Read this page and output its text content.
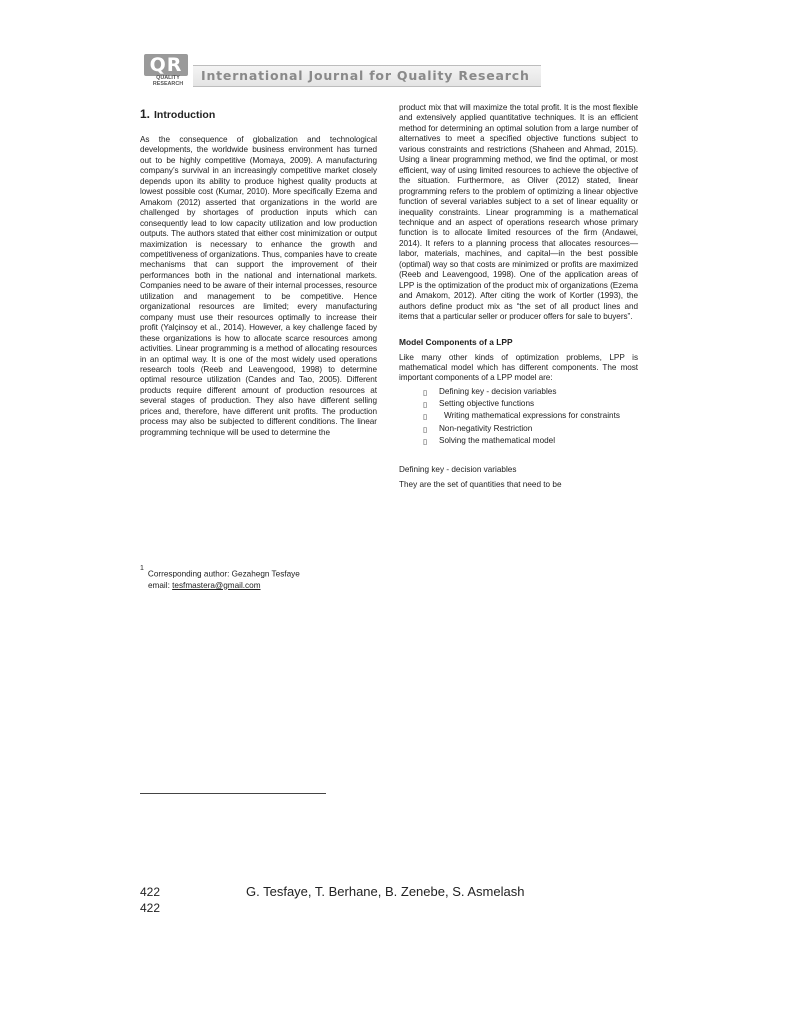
QR
QUALITY
RESEARCH
International Journal for Quality Research
1. Introduction

As the consequence of globalization and technological developments, the worldwide business environment has turned out to be highly competitive (Momaya, 2009). A manufacturing company’s survival in an increasingly competitive market closely depends upon its ability to produce highest quality products at lowest possible cost (Kumar, 2010). More specifically Ezema and Amakom (2012) asserted that organizations in the world are challenged by shortages of production inputs which can consequently lead to low capacity utilization and low production outputs. The authors stated that either cost minimization or output maximization is necessary to enhance the growth and competitiveness of organizations. Thus, companies have to create mechanisms that can support the improvement of their performances both in the national and international markets. Companies need to be aware of their internal processes, resource utilization and management to be competitive. Hence organizational resources are limited; every manufacturing company must use their resources optimally to increase their profit (Yalçinsoy et al., 2014). However, a key challenge faced by these organizations is how to allocate scarce resources among activities. Linear programming is a method of allocating resources in an optimal way. It is one of the most widely used operations research tools (Reeb and Leavengood, 1998) to determine optimal resource utilization (Candes and Tao, 2005). Different products require different amount of production resources at several stages of production. They also have different selling prices and, therefore, have different unit profits. The production process may also be subjected to different conditions. The linear programming technique will be used to determine the

product mix that will maximize the total profit. It is the most flexible and extensively applied quantitative techniques. It is an efficient method for determining an optimal solution from a large number of alternatives to meet a specified objective functions subject to various constraints and restrictions (Shaheen and Ahmad, 2015). Using a linear programming method, we find the optimal, or most efficient, way of using limited resources to achieve the objective of the situation. Furthermore, as Oliver (2012) stated, linear programming refers to the problem of optimizing a linear objective function of several variables subject to a set of linear equality or inequality constraints. Linear programming is a mathematical technique and an aspect of operations research whose primary function is to allocate limited resources of the firm (Andawei, 2014). It refers to a planning process that allocates resources—labor, materials, machines, and capital—in the best possible (optimal) way so that costs are minimized or profits are maximized (Reeb and Leavengood, 1998). One of the application areas of LPP is the optimization of the product mix of organizations (Ezema and Amakom, 2012). After citing the work of Kortler (1993), the authors define product mix as “the set of all product lines and items that a particular seller or producer offers for sale to buyers”.

Model Components of a LPP

Like many other kinds of optimization problems, LPP is mathematical model which has different components. The most important components of a LPP model are:

▯ Defining key - decision variables
▯ Setting objective functions
▯ Writing mathematical expressions for constraints
▯ Non-negativity Restriction
▯ Solving the mathematical model

Defining key - decision variables

They are the set of quantities that need to be

$^1$Corresponding author: Gezahegn Tesfaye
email: tesfmastera@gmail.com
422	G. Tesfaye, T. Berhane, B. Zenebe, S. Asmelash
422
